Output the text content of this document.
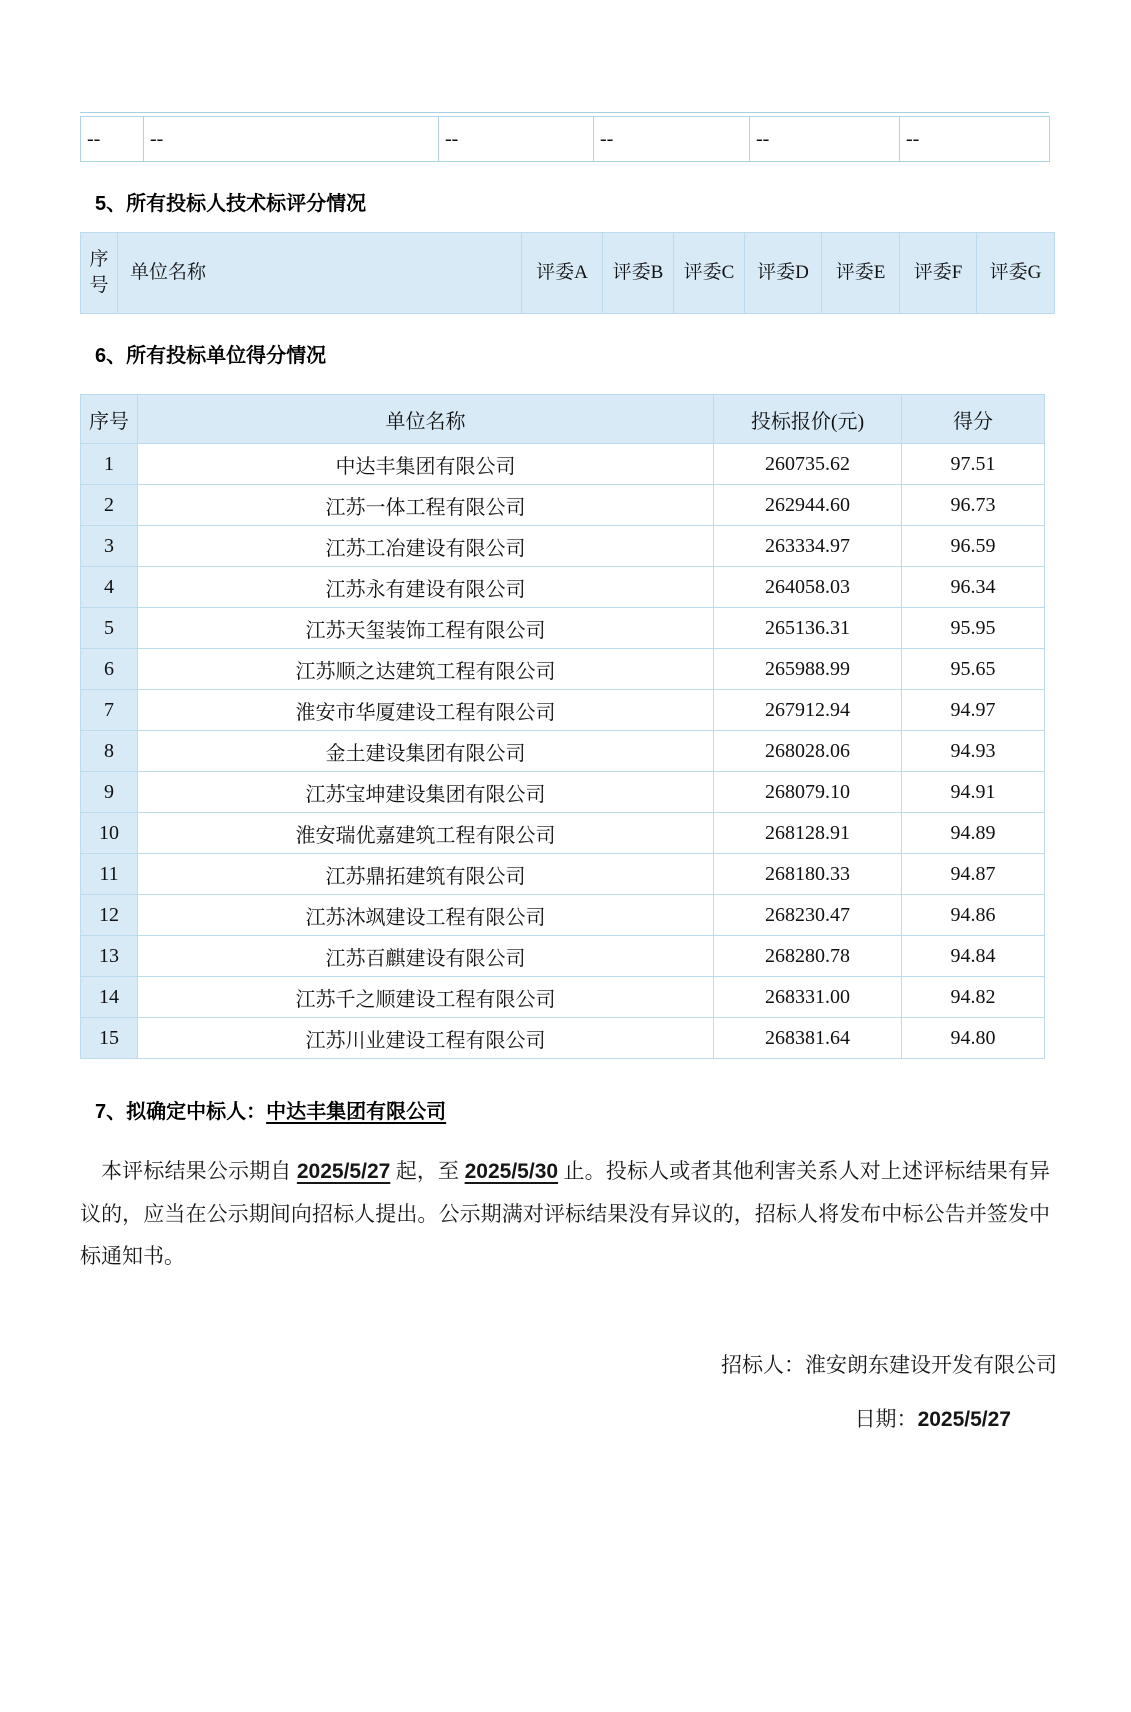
--	--	--	--	--	--
5、所有投标人技术标评分情况
序号	单位名称	评委A	评委B	评委C	评委D	评委E	评委F	评委G
6、所有投标单位得分情况
序号	单位名称	投标报价(元)	得分
1	中达丰集团有限公司	260735.62	97.51
2	江苏一体工程有限公司	262944.60	96.73
3	江苏工冶建设有限公司	263334.97	96.59
4	江苏永有建设有限公司	264058.03	96.34
5	江苏天玺装饰工程有限公司	265136.31	95.95
6	江苏顺之达建筑工程有限公司	265988.99	95.65
7	淮安市华厦建设工程有限公司	267912.94	94.97
8	金土建设集团有限公司	268028.06	94.93
9	江苏宝坤建设集团有限公司	268079.10	94.91
10	淮安瑞优嘉建筑工程有限公司	268128.91	94.89
11	江苏鼎拓建筑有限公司	268180.33	94.87
12	江苏沐飒建设工程有限公司	268230.47	94.86
13	江苏百麒建设有限公司	268280.78	94.84
14	江苏千之顺建设工程有限公司	268331.00	94.82
15	江苏川业建设工程有限公司	268381.64	94.80
7、拟确定中标人：中达丰集团有限公司

本评标结果公示期自 2025/5/27 起，至 2025/5/30 止。投标人或者其他利害关系人对上述评标结果有异议的，应当在公示期间向招标人提出。公示期满对评标结果没有异议的，招标人将发布中标公告并签发中标通知书。

招标人：淮安朗东建设开发有限公司
日期：2025/5/27
